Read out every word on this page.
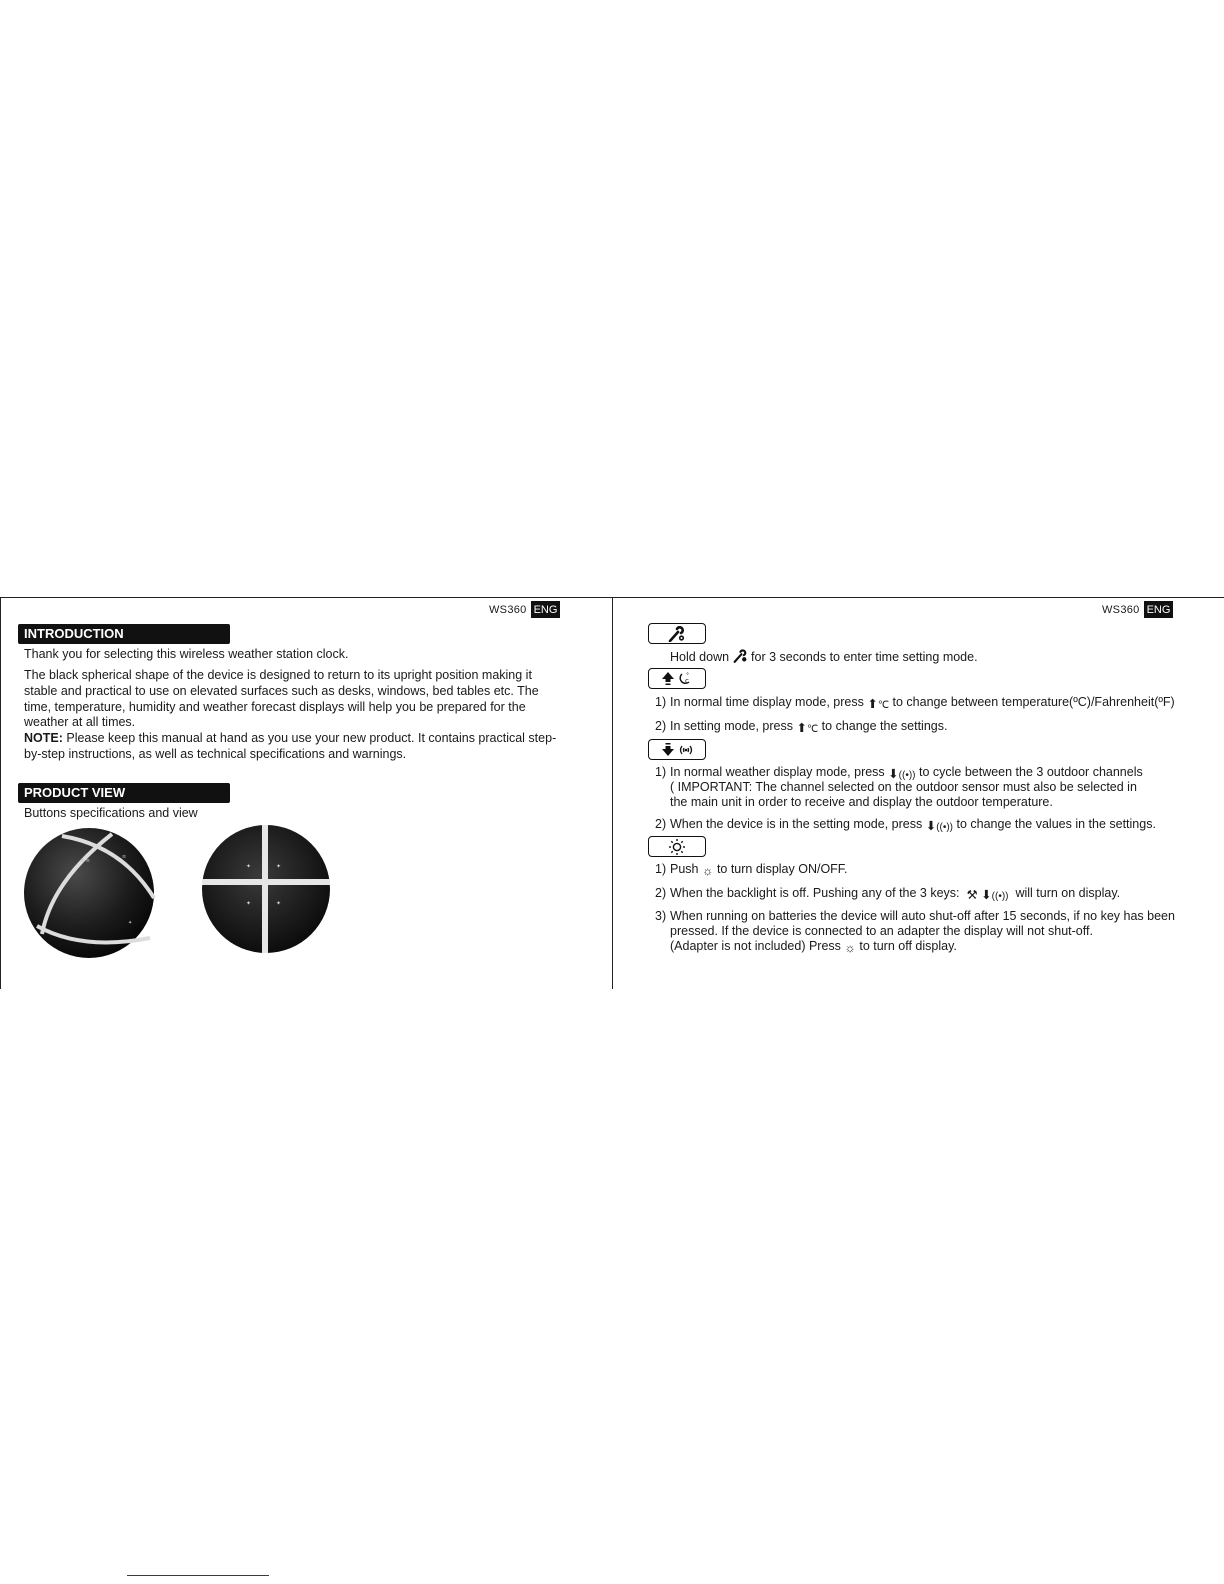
WS360 ENG
INTRODUCTION

Thank you for selecting this wireless weather station clock.

The black spherical shape of the device is designed to return to its upright position making it stable and practical to use on elevated surfaces such as desks, windows, bed tables etc. The time, temperature, humidity and weather forecast displays will help you be prepared for the weather at all times.

NOTE: Please keep this manual at hand as you use your new product. It contains practical step-by-step instructions, as well as technical specifications and warnings.

PRODUCT VIEW

Buttons specifications and view

≡ ≡
≡
✦
✦	✦
✦	✦
WS360 ENG

Hold down for 3 seconds to enter time setting mode.

c
°

1) In normal time display mode, press ⬆℃ to change between temperature(ºC)/Fahrenheit(ºF)

2) In setting mode, press ⬆℃ to change the settings.

1) In normal weather display mode, press ⬇((•)) to cycle between the 3 outdoor channels

( IMPORTANT: The channel selected on the outdoor sensor must also be selected in

the main unit in order to receive and display the outdoor temperature.

2) When the device is in the setting mode, press ⬇((•)) to change the values in the settings.

1) Push ☼ to turn display ON/OFF.

2) When the backlight is off. Pushing any of the 3 keys:  ⚒ ⬇((•)) will turn on display.

3) When running on batteries the device will auto shut-off after 15 seconds, if no key has been

pressed. If the device is connected to an adapter the display will not shut-off.

(Adapter is not included) Press ☼ to turn off display.
